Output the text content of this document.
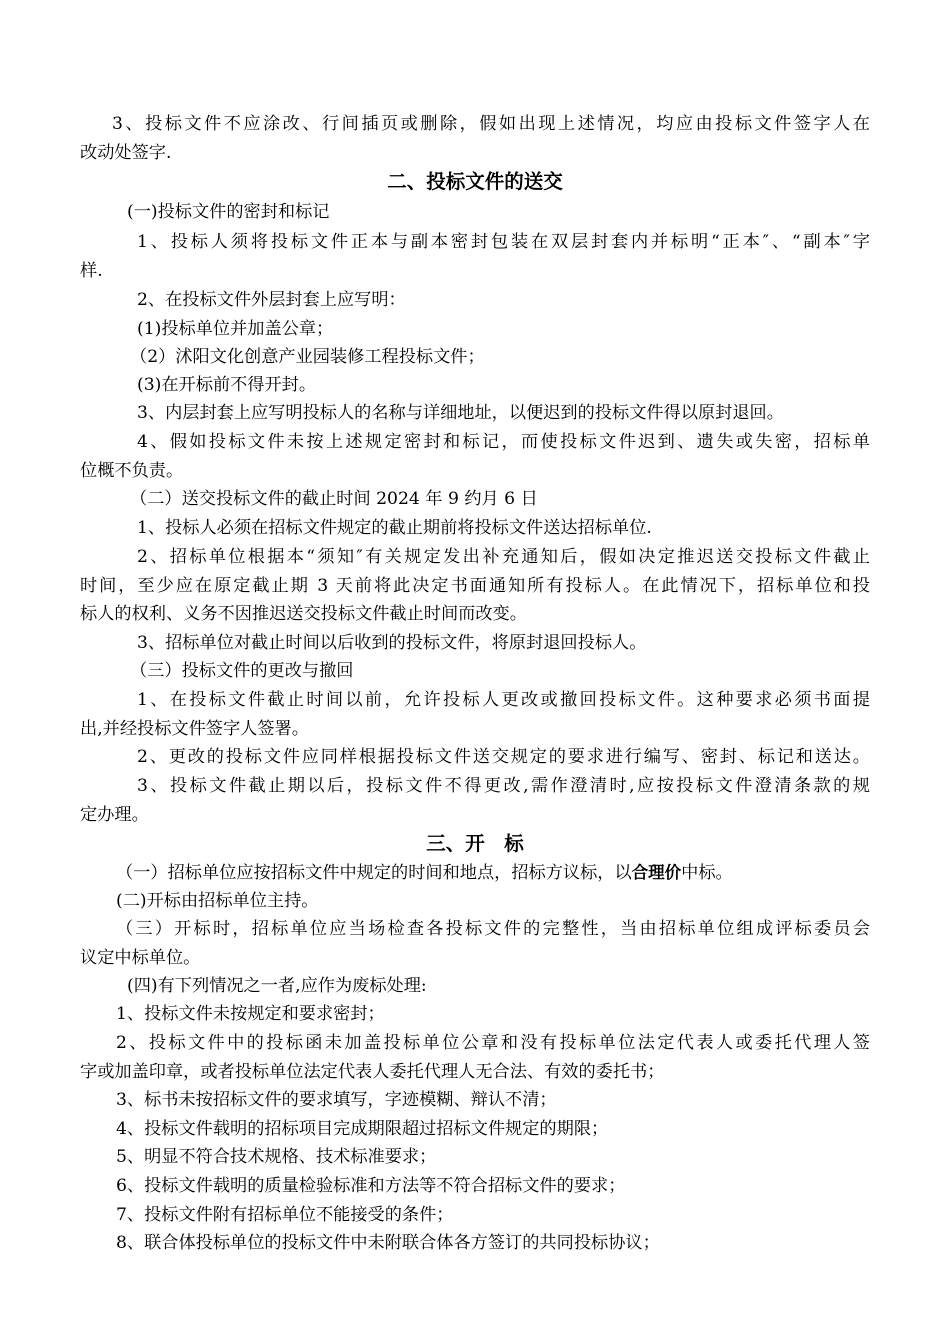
3、投标文件不应涂改、行间插页或删除，假如出现上述情况，均应由投标文件签字人在
改动处签字.
二、投标文件的送交
(一)投标文件的密封和标记
1、投标人须将投标文件正本与副本密封包装在双层封套内并标明“正本″、“副本″字
样.
2、在投标文件外层封套上应写明：
(1)投标单位并加盖公章；
（2）沭阳文化创意产业园装修工程投标文件；
(3)在开标前不得开封。
3、内层封套上应写明投标人的名称与详细地址，以便迟到的投标文件得以原封退回。
4、假如投标文件未按上述规定密封和标记，而使投标文件迟到、遗失或失密，招标单
位概不负责。
（二）送交投标文件的截止时间 2024 年 9 约月 6 日
1、投标人必须在招标文件规定的截止期前将投标文件送达招标单位.
2、招标单位根据本“须知″有关规定发出补充通知后，假如决定推迟送交投标文件截止
时间，至少应在原定截止期 3 天前将此决定书面通知所有投标人。在此情况下，招标单位和投
标人的权利、义务不因推迟送交投标文件截止时间而改变。
3、招标单位对截止时间以后收到的投标文件，将原封退回投标人。
（三）投标文件的更改与撤回
1、在投标文件截止时间以前，允许投标人更改或撤回投标文件。这种要求必须书面提
出,并经投标文件签字人签署。
2、更改的投标文件应同样根据投标文件送交规定的要求进行编写、密封、标记和送达。
3、投标文件截止期以后，投标文件不得更改,需作澄清时,应按投标文件澄清条款的规
定办理。
三、开　标
（一）招标单位应按招标文件中规定的时间和地点，招标方议标，以合理价中标。
(二)开标由招标单位主持。
（三）开标时，招标单位应当场检查各投标文件的完整性，当由招标单位组成评标委员会
议定中标单位。
(四)有下列情况之一者,应作为废标处理:
1、投标文件未按规定和要求密封；
2、投标文件中的投标函未加盖投标单位公章和没有投标单位法定代表人或委托代理人签
字或加盖印章，或者投标单位法定代表人委托代理人无合法、有效的委托书；
3、标书未按招标文件的要求填写，字迹模糊、辩认不清；
4、投标文件载明的招标项目完成期限超过招标文件规定的期限；
5、明显不符合技术规格、技术标准要求；
6、投标文件载明的质量检验标准和方法等不符合招标文件的要求；
7、投标文件附有招标单位不能接受的条件；
8、联合体投标单位的投标文件中未附联合体各方签订的共同投标协议；
